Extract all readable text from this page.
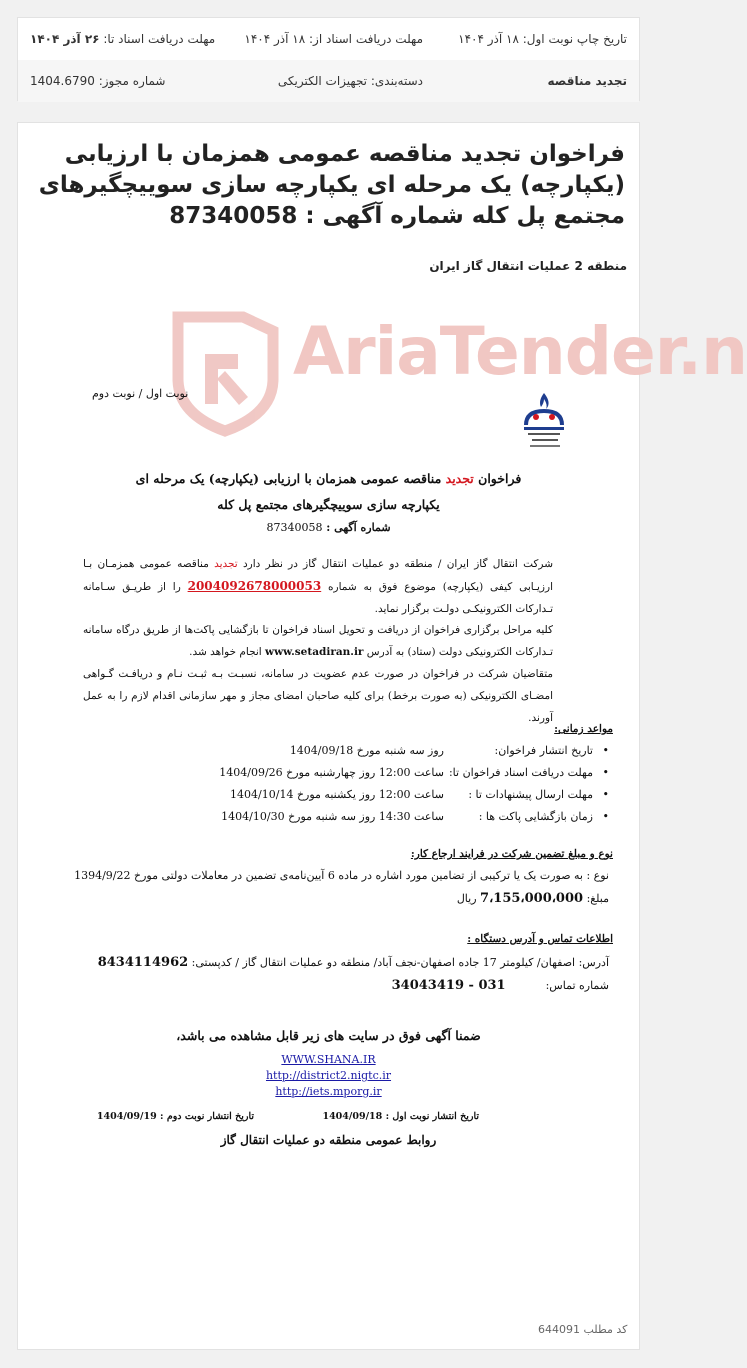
تاریخ چاپ نوبت اول: ۱۸ آذر ۱۴۰۴
مهلت دریافت اسناد از: ۱۸ آذر ۱۴۰۴
مهلت دریافت اسناد تا: ۲۶ آذر ۱۴۰۴
تجدید مناقصه
دسته‌بندی: تجهیزات الکتریکی
شماره مجوز: 1404.6790
فراخوان تجدید مناقصه عمومی همزمان با ارزیابی (یکپارچه) یک مرحله ای یکپارچه سازی سوییچگیرهای مجتمع پل کله شماره آگهی : 87340058
منطقه 2 عملیات انتقال گاز ایران
AriaTender.n
نوبت اول / نوبت دوم
فراخوان تجدید مناقصه عمومی همزمان با ارزیابی (یکپارچه) یک مرحله ای
یکپارچه سازی سوییچگیرهای مجتمع پل کله
شماره آگهی : 87340058

شرکت انتقال گاز ایران / منطقه دو عملیات انتقال گاز در نظر دارد تجدید مناقصه عمومی همزمـان بـا ارزیـابی کیفی (یکپارچه) موضوع فوق به شماره 2004092678000053 را از طریـق سـامانه تـدارکات الکترونیکـی دولـت برگزار نماید.

کلیه مراحل برگزاری فراخوان از دریافت و تحویل اسناد فراخوان تا بازگشایی پاکت‌ها از طریق درگاه سامانه تـدارکات الکترونیکی دولت (ستاد) به آدرس www.setadiran.ir انجام خواهد شد.

متقاضیان شرکت در فراخوان در صورت عدم عضویت در سامانه، نسبـت بـه ثبـت نـام و دریافـت گـواهی امضـای الکترونیکی (به صورت برخط) برای کلیه صاحبان امضای مجاز و مهر سازمانی اقدام لازم را به عمل آورند.

مواعد زمانی:
•
تاریخ انتشار فراخوان:
روز سه شنبه مورخ 1404/09/18
•
مهلت دریافت اسناد فراخوان تا:
ساعت 12:00 روز چهارشنبه مورخ 1404/09/26
•
مهلت ارسال پیشنهادات تا :
ساعت 12:00 روز یکشنبه مورخ 1404/10/14
•
زمان بازگشایی پاکت ها :
ساعت 14:30 روز سه شنبه مورخ 1404/10/30
نوع و مبلغ تضمین شرکت در فرایند ارجاع کار:
نوع : به صورت یک یا ترکیبی از تضامین مورد اشاره در ماده 6 آیین‌نامه‌ی تضمین در معاملات دولتی مورخ 1394/9/22
مبلغ: 7،155،000،000 ریال
اطلاعات تماس و آدرس دستگاه :
آدرس: اصفهان/ کیلومتر 17 جاده اصفهان-نجف آباد/ منطقه دو عملیات انتقال گاز / کدپستی: 8434114962
شماره تماس:031 - 34043419
ضمنا آگهی فوق در سایت های زیر قابل مشاهده می باشد،
WWW.SHANA.IR
http://district2.nigtc.ir
http://iets.mporg.ir
تاریخ انتشار نوبت اول : 1404/09/18
تاریخ انتشار نوبت دوم : 1404/09/19
روابط عمومی منطقه دو عملیات انتقال گاز
کد مطلب 644091
